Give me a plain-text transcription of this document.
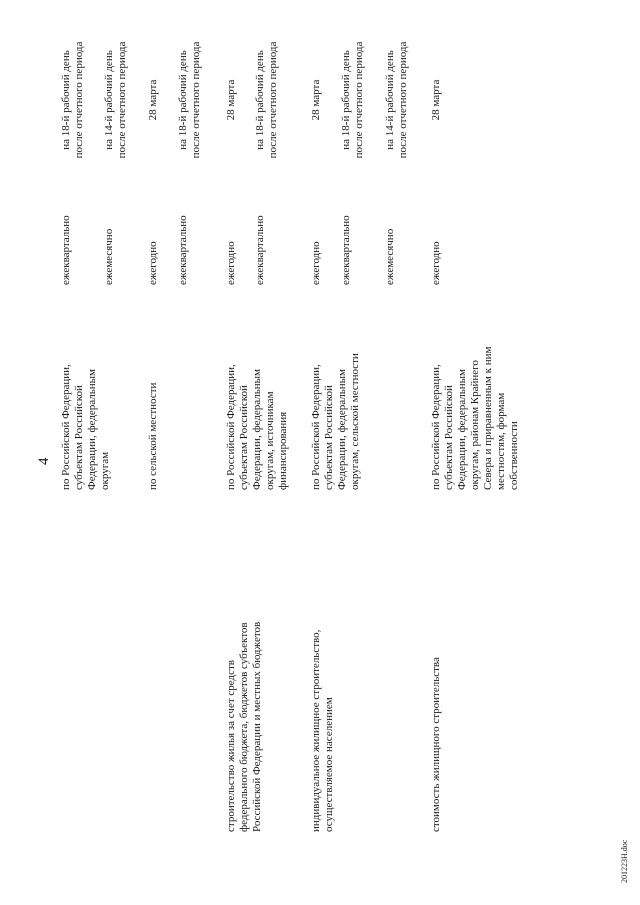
4 по Российской Федерации, субъектам Российской Федерации, федеральным округам
ежеквартально
на 18-й рабочий день после отчетного периода
ежемесячно
на 14-й рабочий день после отчетного периода
по сельской местности
ежегодно
28 марта
ежеквартально
на 18-й рабочий день после отчетного периода
строительство жилья за счет средств федерального бюджета, бюджетов субъектов Российской Федерации и местных бюджетов
по Российской Федерации, субъектам Российской Федерации, федеральным округам, источникам финансирования
ежегодно
28 марта
ежеквартально
на 18-й рабочий день после отчетного периода
индивидуальное жилищное строительство, осуществляемое населением
по Российской Федерации, субъектам Российской Федерации, федеральным округам, сельской местности
ежегодно
28 марта
ежеквартально
на 18-й рабочий день после отчетного периода
ежемесячно
на 14-й рабочий день после отчетного периода
стоимость жилищного строительства
по Российской Федерации, субъектам Российской Федерации, федеральным округам, районам Крайнего Севера и приравненным к ним местностям, формам собственности
ежегодно
28 марта
201223Н.doc
